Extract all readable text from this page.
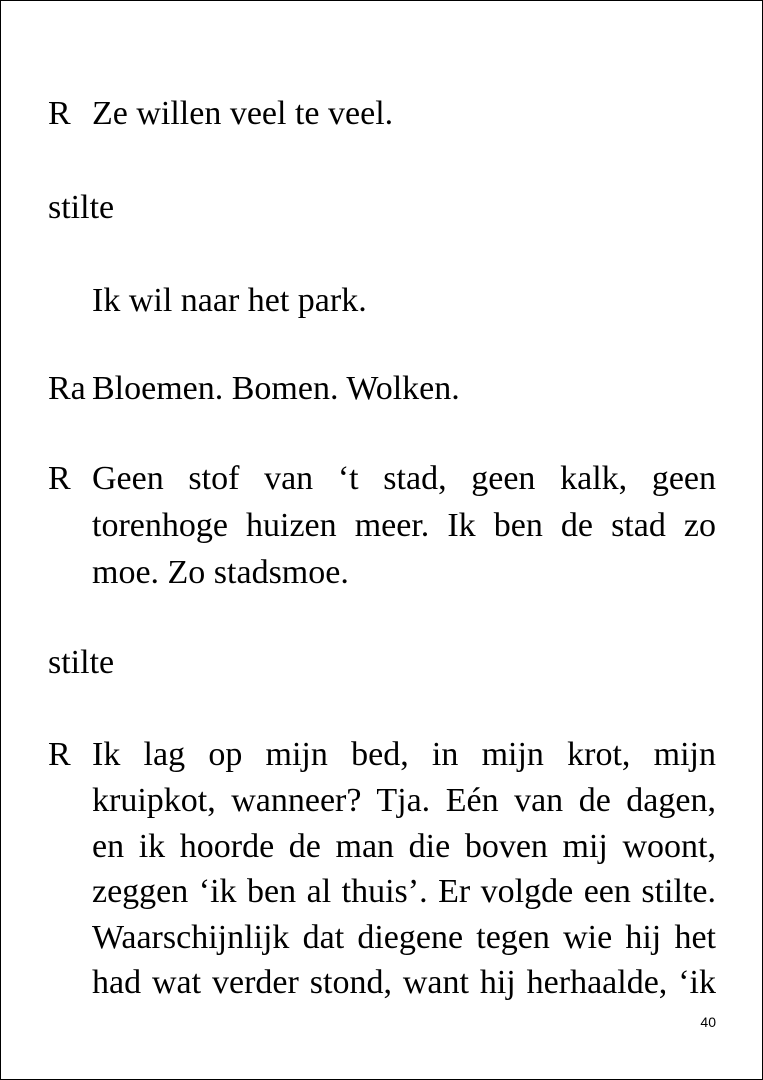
R Ze willen veel te veel.
stilte
Ik wil naar het park.
Ra Bloemen. Bomen. Wolken.
R Geen stof van ‘t stad, geen kalk, geen
torenhoge huizen meer. Ik ben de stad zo
moe. Zo stadsmoe.
stilte
R Ik lag op mijn bed, in mijn krot, mijn
kruipkot, wanneer? Tja. Eén van de dagen,
en ik hoorde de man die boven mij woont,
zeggen ‘ik ben al thuis’. Er volgde een stilte.
Waarschijnlijk dat diegene tegen wie hij het
had wat verder stond, want hij herhaalde, ‘ik
40
